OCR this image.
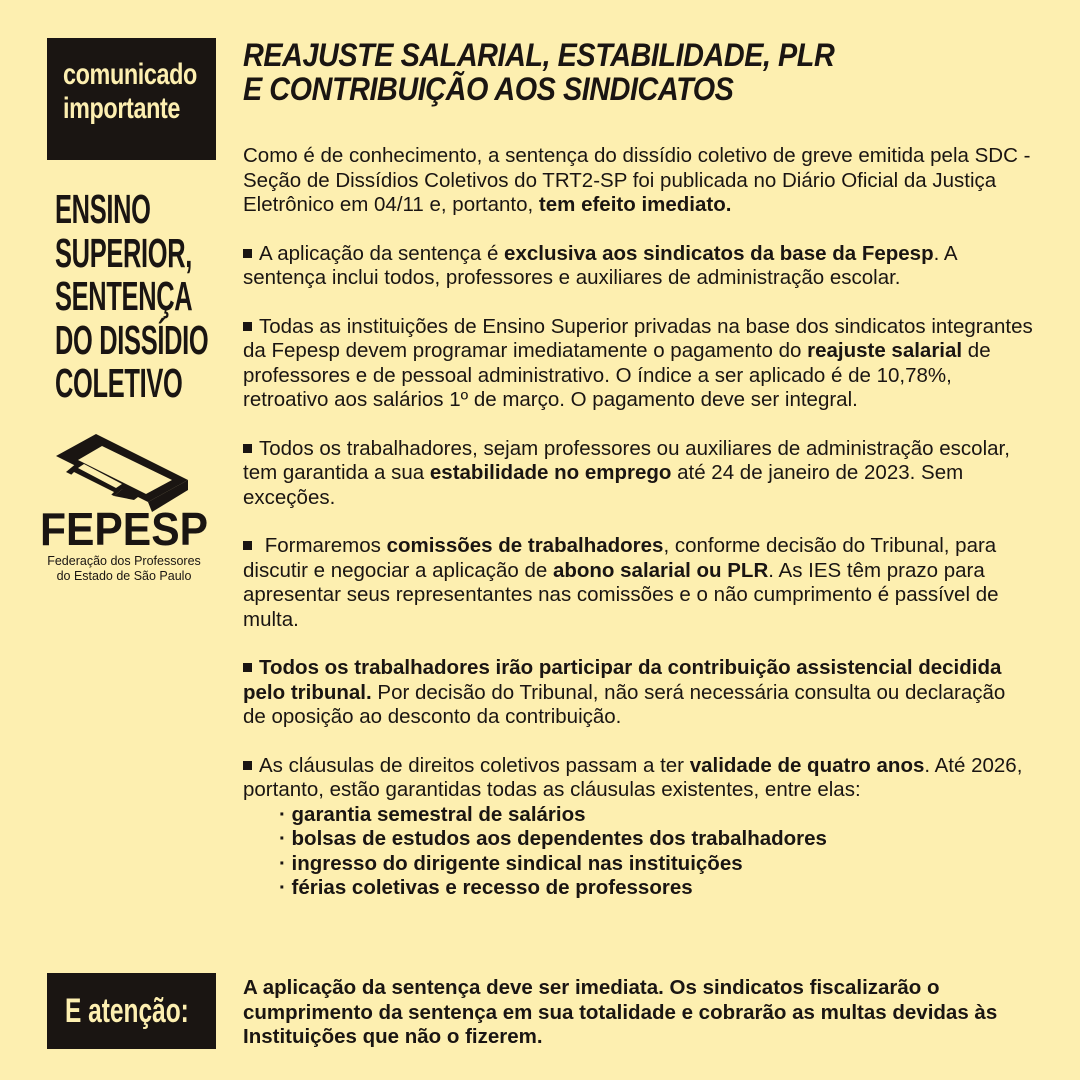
comunicado
importante
ENSINO
SUPERIOR,
SENTENÇA
DO DISSÍDIO
COLETIVO
FEPESP
Federação dos Professores
do Estado de São Paulo
REAJUSTE SALARIAL, ESTABILIDADE, PLR
E CONTRIBUIÇÃO AOS SINDICATOS

Como é de conhecimento, a sentença do dissídio coletivo de greve emitida pela SDC - Seção de Dissídios Coletivos do TRT2-SP foi publicada no Diário Oficial da Justiça Eletrônico em 04/11 e, portanto, tem efeito imediato.

A aplicação da sentença é exclusiva aos sindicatos da base da Fepesp. A sentença inclui todos, professores e auxiliares de administração escolar.

Todas as instituições de Ensino Superior privadas na base dos sindicatos integrantes da Fepesp devem programar imediatamente o pagamento do reajuste salarial de professores e de pessoal administrativo. O índice a ser aplicado é de 10,78%, retroativo aos salários 1º de março. O pagamento deve ser integral.

Todos os trabalhadores, sejam professores ou auxiliares de administração escolar, tem garantida a sua estabilidade no emprego até 24 de janeiro de 2023. Sem exceções.

Formaremos comissões de trabalhadores, conforme decisão do Tribunal, para discutir e negociar a aplicação de abono salarial ou PLR. As IES têm prazo para apresentar seus representantes nas comissões e o não cumprimento é passível de multa.

Todos os trabalhadores irão participar da contribuição assistencial decidida pelo tribunal. Por decisão do Tribunal, não será necessária consulta ou declaração de oposição ao desconto da contribuição.

As cláusulas de direitos coletivos passam a ter validade de quatro anos. Até 2026, portanto, estão garantidas todas as cláusulas existentes, entre elas:

· garantia semestral de salários
· bolsas de estudos aos dependentes dos trabalhadores
· ingresso do dirigente sindical nas instituições
· férias coletivas e recesso de professores
E atenção:
A aplicação da sentença deve ser imediata. Os sindicatos fiscalizarão o cumprimento da sentença em sua totalidade e cobrarão as multas devidas às Instituições que não o fizerem.
